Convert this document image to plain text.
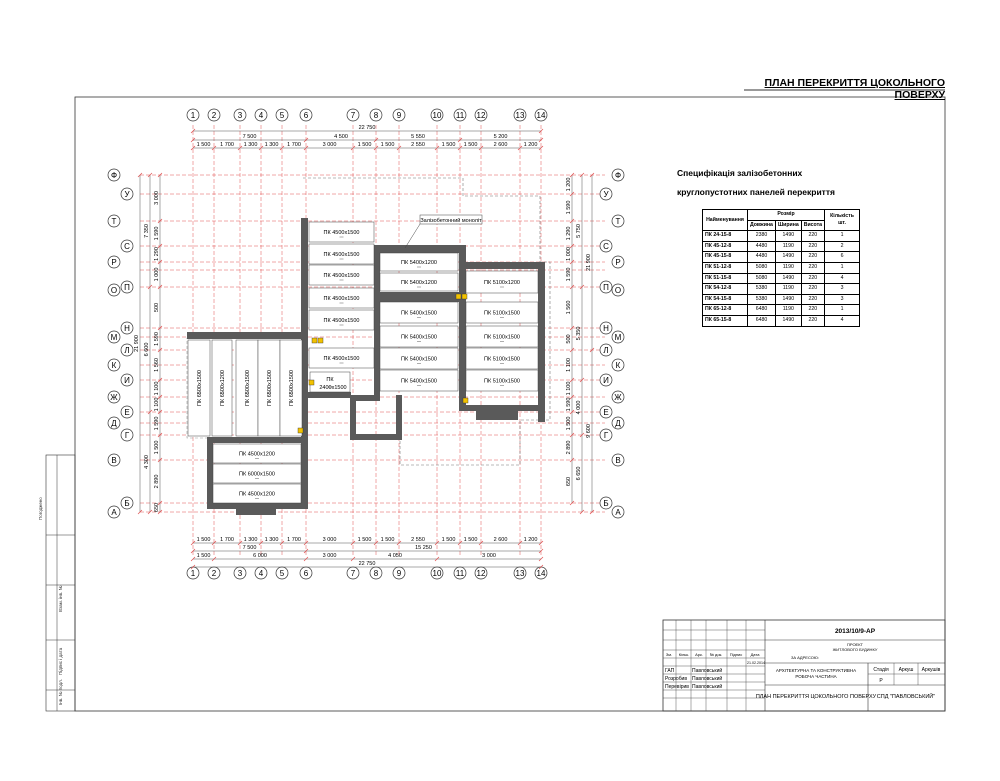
1
1
2
2
3
3
4
4
5
5
6
6
7
7
8
8
9
9
10
10
11
11
12
12
13
13
14
14
Ф
У
Т
С
Р
П
О
Н
М
Л
К
И
Ж
Е
Д
Г
В
Б
А
Ф
У
Т
С
Р
П О
Н
М
Л
К
И
Ж
Е
Д
Г
В
Б
А
22 750
7 500	4 500	5 550	5 200
1 500 1 700 1 300 1 300 1 700	3 000	1 500 1 500	2 550	1 500 1 500	2 600	1 200
1 500 1 700 1 300 1 300 1 700	3 000	1 500 1 500	2 550	1 500 1 500	2 600	1 200
7 500	15 250
1 500	6 000	3 000	4 050	3 000
22 750
3 000
1 590
1 290
1 000
500
1 590
1 560
1 100
1 100
1 590
1 500
2 890
650
7 350
6 600
4 300
21 900
1 200
1 590
1 290
1 000
1 590
1 560
500
1 100
1 100
1 590
1 500
2 890
650
5 750
5 350
4 000
6 650
21 900
9 600
ПК 6500x1500	ПК 6500x1200	ПК 6500x1500	ПК 6500x1500	ПК 6500x1500
ПК 4500x1500
ПК 4500x1500
ПК 4500x1500
ПК 4500x1500
ПК 4500x1500
ПК 4500x1500
ПК
2400x1500
ПК 5400x1200
ПК 5400x1200
ПК 5400x1500
ПК 5400x1500
ПК 5400x1500
ПК 5400x1500
ПК 5100x1200
ПК 5100x1500
ПК 5100x1500
ПК 5100x1500
ПК 5100x1500
ПК 4500x1200
ПК 6000x1500
ПК 4500x1200
Залізобетонний моноліт
Зм. Кільк. Арк. № док. Підпис Дата
ГАП
Розробив
Перевірив
Павловський
Павловський
Павловський
21.02.2014
2013/10/9-АР
ПРОЕКТ
ЖИТЛОВОГО БУДИНКУ
ЗА АДРЕСОЮ:
АРХІТЕКТУРНА ТА КОНСТРУКТИВНА
РОБОЧА ЧАСТИНА
Стадія Аркуш Аркушів
Р
ПЛАН ПЕРЕКРИТТЯ ЦОКОЛЬНОГО ПОВЕРХУ СПД "ПАВЛОВСЬКИЙ"
ПЛАН ПЕРЕКРИТТЯ ЦОКОЛЬНОГО ПОВЕРХУ
Специфікація залізобетонних
круглопустотних панелей перекриття
Найменування	Розмір			Кількість шт.
	Довжина	Ширина	Висота	
ПК 24-15-8	2380	1490	220	1
ПК 45-12-8	4480	1190	220	2
ПК 45-15-8	4480	1490	220	6
ПК 51-12-8	5080	1190	220	1
ПК 51-15-8	5080	1490	220	4
ПК 54-12-8	5380	1190	220	3
ПК 54-15-8	5380	1490	220	3
ПК 65-12-8	6480	1190	220	1
ПК 65-15-8	6480	1490	220	4
Погоджено
Взам. інв. №
Підпис і дата
Інв. № подл.
